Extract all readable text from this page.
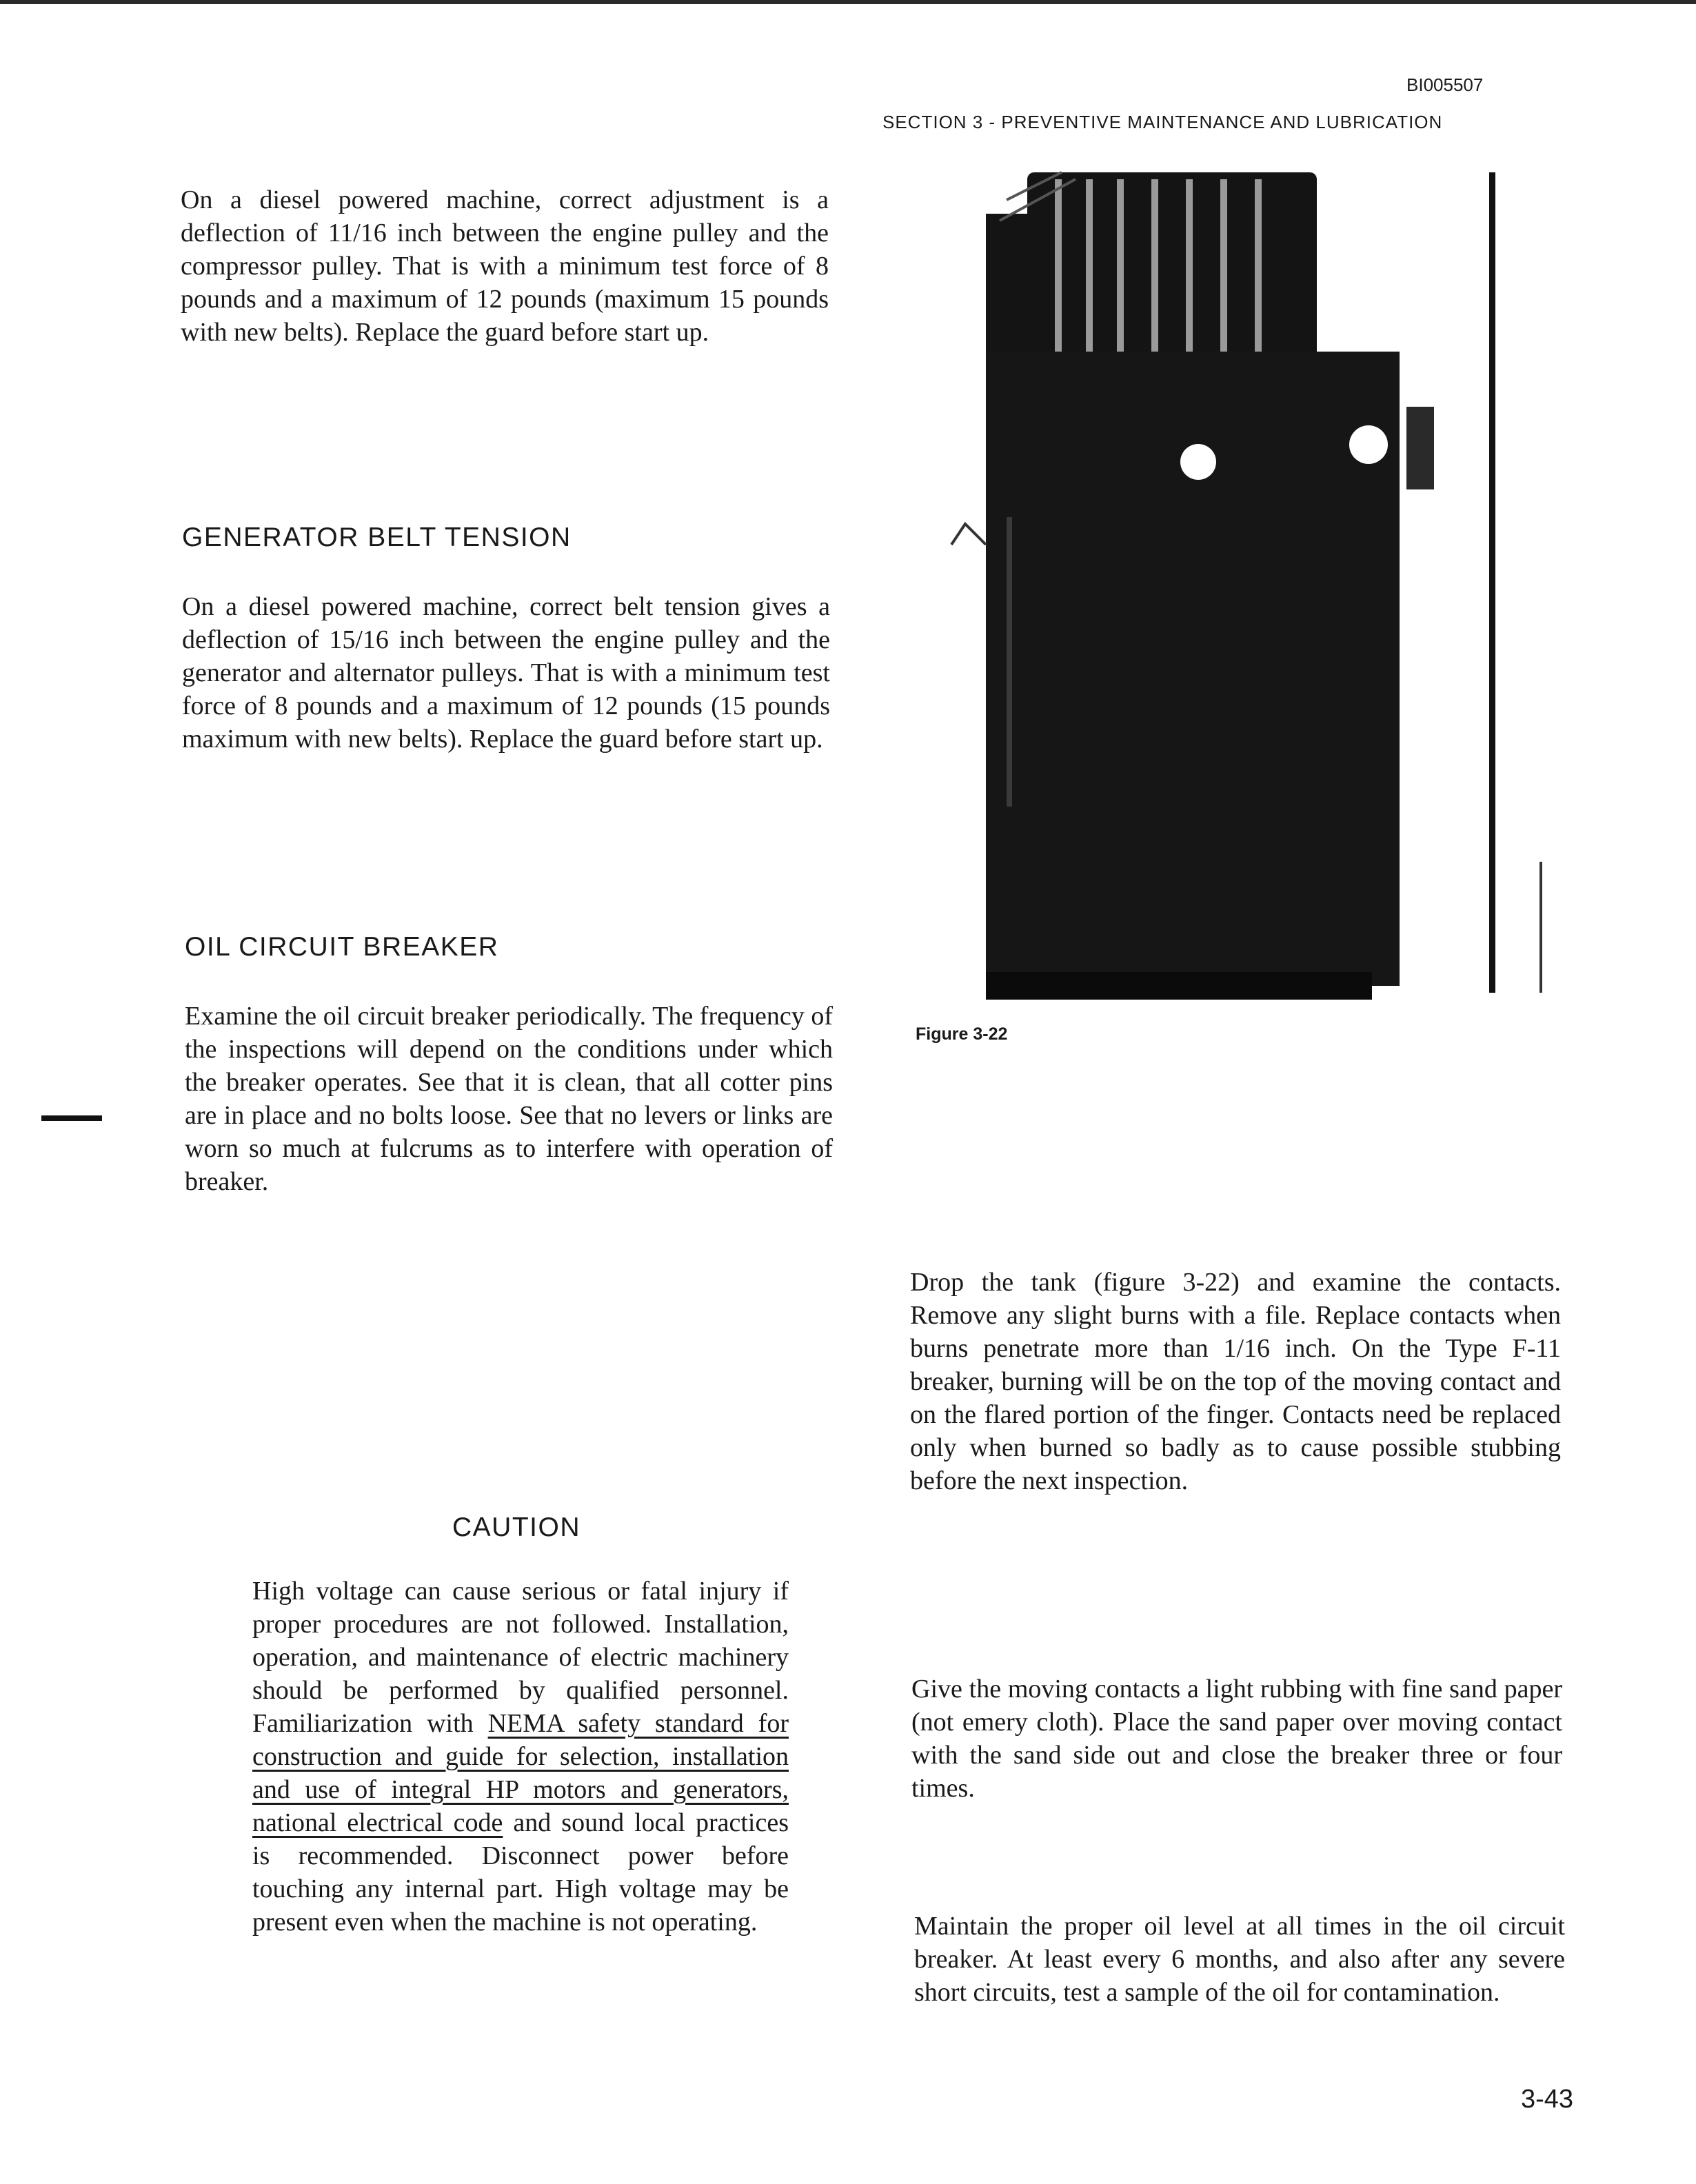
BI005507
SECTION 3 - PREVENTIVE MAINTENANCE AND LUBRICATION

On a diesel powered machine, correct adjustment is a deflection of 11/16 inch between the engine pulley and the compressor pulley. That is with a minimum test force of 8 pounds and a maximum of 12 pounds (maximum 15 pounds with new belts). Replace the guard before start up.

GENERATOR BELT TENSION

On a diesel powered machine, correct belt tension gives a deflection of 15/16 inch between the engine pulley and the generator and alternator pulleys. That is with a minimum test force of 8 pounds and a maximum of 12 pounds (15 pounds maximum with new belts). Replace the guard before start up.

OIL CIRCUIT BREAKER

Examine the oil circuit breaker periodically. The frequency of the inspections will depend on the conditions under which the breaker operates. See that it is clean, that all cotter pins are in place and no bolts loose. See that no levers or links are worn so much at fulcrums as to interfere with operation of breaker.

CAUTION

High voltage can cause serious or fatal injury if proper procedures are not followed. Installation, operation, and maintenance of electric machinery should be performed by qualified personnel. Familiarization with NEMA safety standard for construction and guide for selection, installation and use of integral HP motors and generators, national electrical code and sound local practices is recommended. Disconnect power before touching any internal part. High voltage may be present even when the machine is not operating.

Figure 3-22

Drop the tank (figure 3-22) and examine the contacts. Remove any slight burns with a file. Replace contacts when burns penetrate more than 1/16 inch. On the Type F-11 breaker, burning will be on the top of the moving contact and on the flared portion of the finger. Contacts need be replaced only when burned so badly as to cause possible stubbing before the next inspection.

Give the moving contacts a light rubbing with fine sand paper (not emery cloth). Place the sand paper over moving contact with the sand side out and close the breaker three or four times.

Maintain the proper oil level at all times in the oil circuit breaker. At least every 6 months, and also after any severe short circuits, test a sample of the oil for contamination.

3-43
